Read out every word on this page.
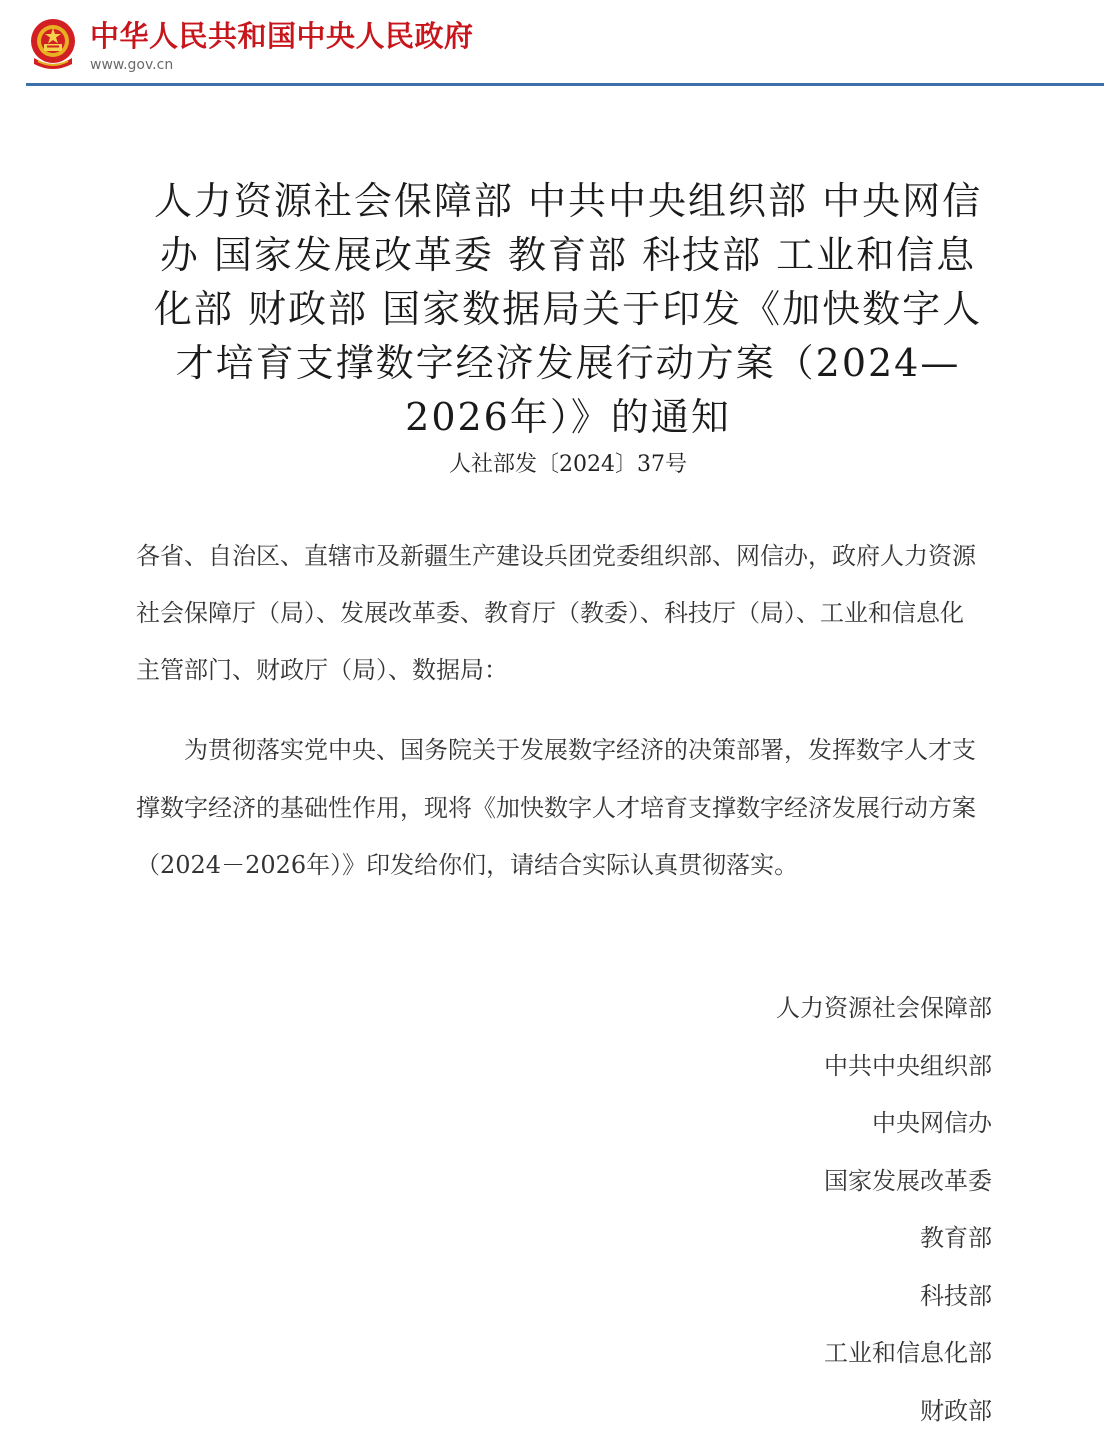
中华人民共和国中央人民政府
www.gov.cn
人力资源社会保障部 中共中央组织部 中央网信办 国家发展改革委 教育部 科技部 工业和信息化部 财政部 国家数据局关于印发《加快数字人才培育支撑数字经济发展行动方案（2024—2026年）》的通知
人社部发〔2024〕37号

各省、自治区、直辖市及新疆生产建设兵团党委组织部、网信办，政府人力资源社会保障厅（局）、发展改革委、教育厅（教委）、科技厅（局）、工业和信息化主管部门、财政厅（局）、数据局：

为贯彻落实党中央、国务院关于发展数字经济的决策部署，发挥数字人才支撑数字经济的基础性作用，现将《加快数字人才培育支撑数字经济发展行动方案（2024－2026年）》印发给你们，请结合实际认真贯彻落实。

人力资源社会保障部
中共中央组织部
中央网信办
国家发展改革委
教育部
科技部
工业和信息化部
财政部
